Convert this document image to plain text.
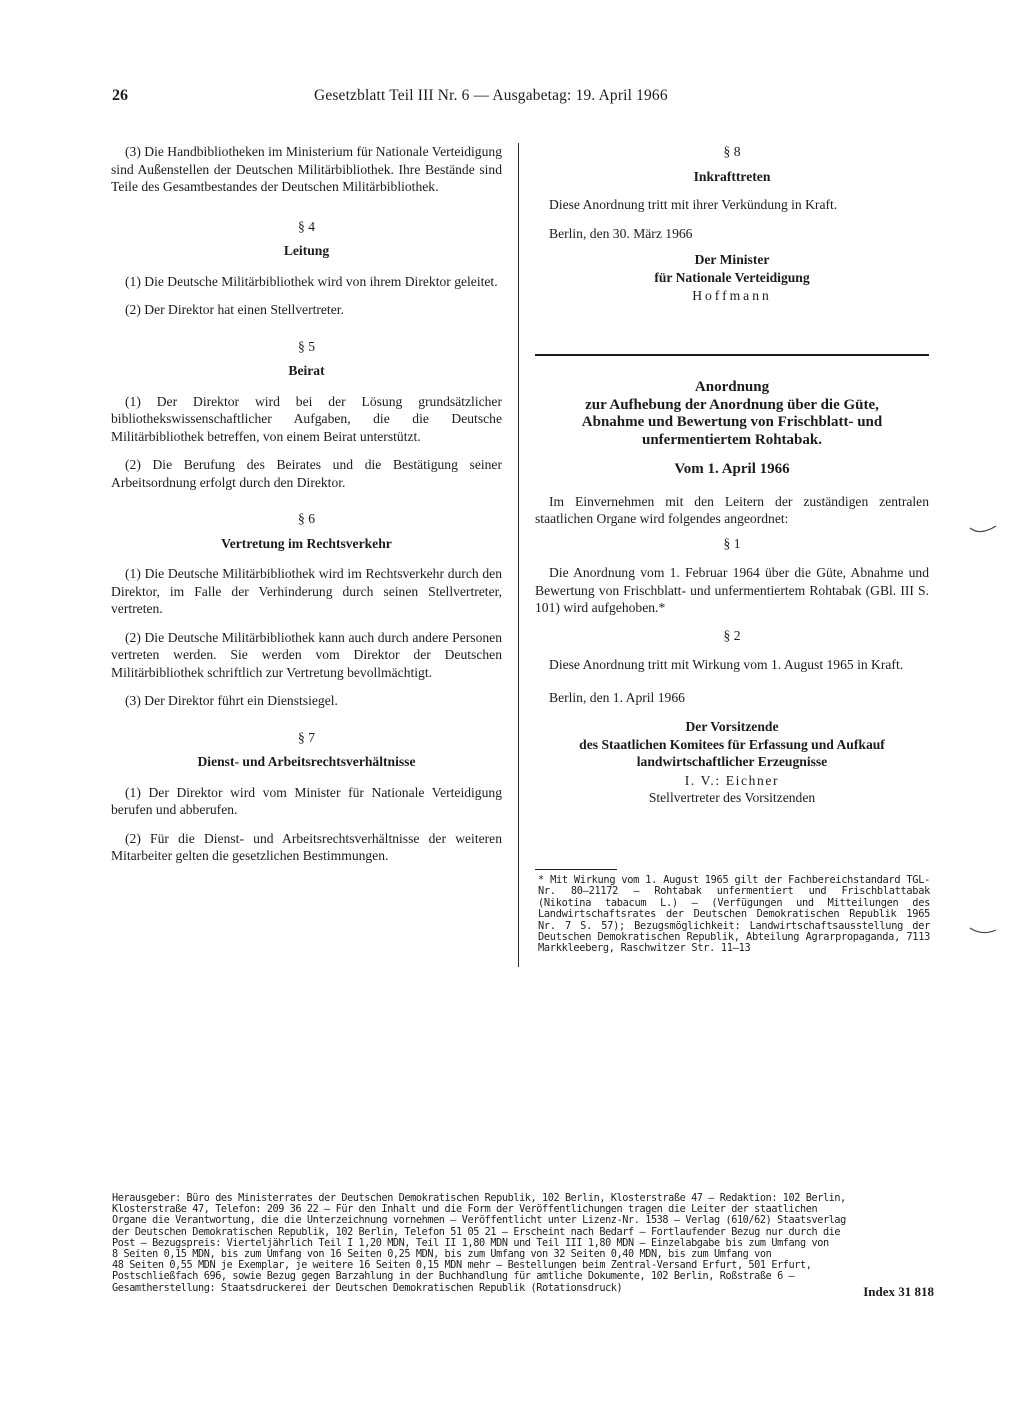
26	Gesetzblatt Teil III Nr. 6 — Ausgabetag: 19. April 1966

(3) Die Handbibliotheken im Ministerium für Nationale Verteidigung sind Außenstellen der Deutschen Militärbibliothek. Ihre Bestände sind Teile des Gesamtbestandes der Deutschen Militärbibliothek.

§ 4

Leitung

(1) Die Deutsche Militärbibliothek wird von ihrem Direktor geleitet.

(2) Der Direktor hat einen Stellvertreter.

§ 5

Beirat

(1) Der Direktor wird bei der Lösung grundsätzlicher bibliothekswissenschaftlicher Aufgaben, die die Deutsche Militärbibliothek betreffen, von einem Beirat unterstützt.

(2) Die Berufung des Beirates und die Bestätigung seiner Arbeitsordnung erfolgt durch den Direktor.

§ 6

Vertretung im Rechtsverkehr

(1) Die Deutsche Militärbibliothek wird im Rechtsverkehr durch den Direktor, im Falle der Verhinderung durch seinen Stellvertreter, vertreten.

(2) Die Deutsche Militärbibliothek kann auch durch andere Personen vertreten werden. Sie werden vom Direktor der Deutschen Militärbibliothek schriftlich zur Vertretung bevollmächtigt.

(3) Der Direktor führt ein Dienstsiegel.

§ 7

Dienst- und Arbeitsrechtsverhältnisse

(1) Der Direktor wird vom Minister für Nationale Verteidigung berufen und abberufen.

(2) Für die Dienst- und Arbeitsrechtsverhältnisse der weiteren Mitarbeiter gelten die gesetzlichen Bestimmungen.

§ 8

Inkrafttreten

Diese Anordnung tritt mit ihrer Verkündung in Kraft.

Berlin, den 30. März 1966

Der Minister

für Nationale Verteidigung

Hoffmann

Anordnung

zur Aufhebung der Anordnung über die Güte,

Abnahme und Bewertung von Frischblatt- und

unfermentiertem Rohtabak.

Vom 1. April 1966

Im Einvernehmen mit den Leitern der zuständigen zentralen staatlichen Organe wird folgendes angeordnet:

§ 1

Die Anordnung vom 1. Februar 1964 über die Güte, Abnahme und Bewertung von Frischblatt- und unfermentiertem Rohtabak (GBl. III S. 101) wird aufgehoben.*

§ 2

Diese Anordnung tritt mit Wirkung vom 1. August 1965 in Kraft.

Berlin, den 1. April 1966

Der Vorsitzende

des Staatlichen Komitees für Erfassung und Aufkauf

landwirtschaftlicher Erzeugnisse

I. V.: Eichner

Stellvertreter des Vorsitzenden

* Mit Wirkung vom 1. August 1965 gilt der Fachbereichstandard TGL-Nr. 80—21172 — Rohtabak unfermentiert und Frischblattabak (Nikotina tabacum L.) — (Verfügungen und Mitteilungen des Landwirtschaftsrates der Deutschen Demokratischen Republik 1965 Nr. 7 S. 57); Bezugsmöglichkeit: Landwirtschaftsausstellung der Deutschen Demokratischen Republik, Abteilung Agrarpropaganda, 7113 Markkleeberg, Raschwitzer Str. 11—13

Herausgeber: Büro des Ministerrates der Deutschen Demokratischen Republik, 102 Berlin, Klosterstraße 47 — Redaktion: 102 Berlin,

Klosterstraße 47, Telefon: 209 36 22 — Für den Inhalt und die Form der Veröffentlichungen tragen die Leiter der staatlichen

Organe die Verantwortung, die die Unterzeichnung vornehmen — Veröffentlicht unter Lizenz-Nr. 1538 — Verlag (610/62) Staatsverlag

der Deutschen Demokratischen Republik, 102 Berlin, Telefon 51 05 21 — Erscheint nach Bedarf — Fortlaufender Bezug nur durch die

Post — Bezugspreis: Vierteljährlich Teil I 1,20 MDN, Teil II 1,80 MDN und Teil III 1,80 MDN — Einzelabgabe bis zum Umfang von

8 Seiten 0,15 MDN, bis zum Umfang von 16 Seiten 0,25 MDN, bis zum Umfang von 32 Seiten 0,40 MDN, bis zum Umfang von

48 Seiten 0,55 MDN je Exemplar, je weitere 16 Seiten 0,15 MDN mehr — Bestellungen beim Zentral-Versand Erfurt, 501 Erfurt,

Postschließfach 696, sowie Bezug gegen Barzahlung in der Buchhandlung für amtliche Dokumente, 102 Berlin, Roßstraße 6 —

Gesamtherstellung: Staatsdruckerei der Deutschen Demokratischen Republik (Rotationsdruck)	Index 31 818
